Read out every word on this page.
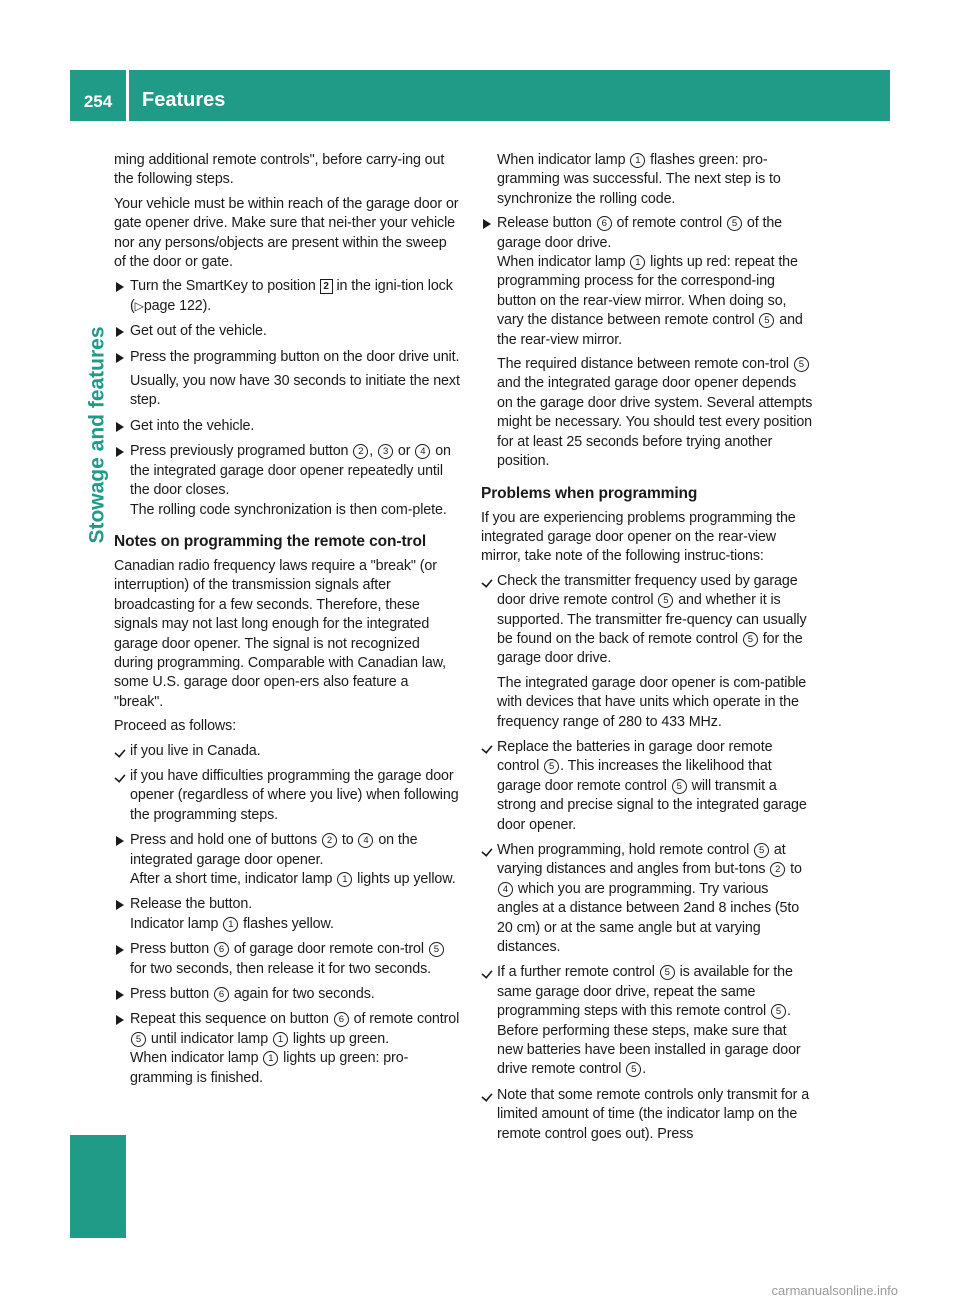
254	Features
Stowage and features

ming additional remote controls", before carry-ing out the following steps.

Your vehicle must be within reach of the garage door or gate opener drive. Make sure that nei-ther your vehicle nor any persons/objects are present within the sweep of the door or gate.

Turn the SmartKey to position 2 in the igni-tion lock (▷page 122).
Get out of the vehicle.
Press the programming button on the door drive unit.

Usually, you now have 30 seconds to initiate the next step.

Get into the vehicle.
Press previously programed button 2 , 3 or 4 on the integrated garage door opener repeatedly until the door closes.
The rolling code synchronization is then com-plete.
Notes on programming the remote con-trol

Canadian radio frequency laws require a "break" (or interruption) of the transmission signals after broadcasting for a few seconds. Therefore, these signals may not last long enough for the integrated garage door opener. The signal is not recognized during programming. Comparable with Canadian law, some U.S. garage door open-ers also feature a "break".

Proceed as follows:

if you live in Canada.
if you have difficulties programming the garage door opener (regardless of where you live) when following the programming steps.
Press and hold one of buttons 2 to 4 on the integrated garage door opener.
After a short time, indicator lamp 1 lights up yellow.
Release the button.
Indicator lamp 1 flashes yellow.
Press button 6 of garage door remote con-trol 5 for two seconds, then release it for two seconds.
Press button 6 again for two seconds.
Repeat this sequence on button 6 of remote control 5 until indicator lamp 1 lights up green.
When indicator lamp 1 lights up green: pro-gramming is finished.

When indicator lamp 1 flashes green: pro-gramming was successful. The next step is to synchronize the rolling code.

Release button 6 of remote control 5 of the garage door drive.
When indicator lamp 1 lights up red: repeat the programming process for the correspond-ing button on the rear-view mirror. When doing so, vary the distance between remote control 5 and the rear-view mirror.

The required distance between remote con-trol 5 and the integrated garage door opener depends on the garage door drive system. Several attempts might be necessary. You should test every position for at least 25 seconds before trying another position.

Problems when programming

If you are experiencing problems programming the integrated garage door opener on the rear-view mirror, take note of the following instruc-tions:

Check the transmitter frequency used by garage door drive remote control 5 and whether it is supported. The transmitter fre-quency can usually be found on the back of remote control 5 for the garage door drive.

The integrated garage door opener is com-patible with devices that have units which operate in the frequency range of 280 to 433 MHz.

Replace the batteries in garage door remote control 5 . This increases the likelihood that garage door remote control 5 will transmit a strong and precise signal to the integrated garage door opener.
When programming, hold remote control 5 at varying distances and angles from but-tons 2 to 4 which you are programming. Try various angles at a distance between 2and 8 inches (5to 20 cm) or at the same angle but at varying distances.
If a further remote control 5 is available for the same garage door drive, repeat the same programming steps with this remote control 5 . Before performing these steps, make sure that new batteries have been installed in garage door drive remote control 5 .
Note that some remote controls only transmit for a limited amount of time (the indicator lamp on the remote control goes out). Press
carmanualsonline.info
